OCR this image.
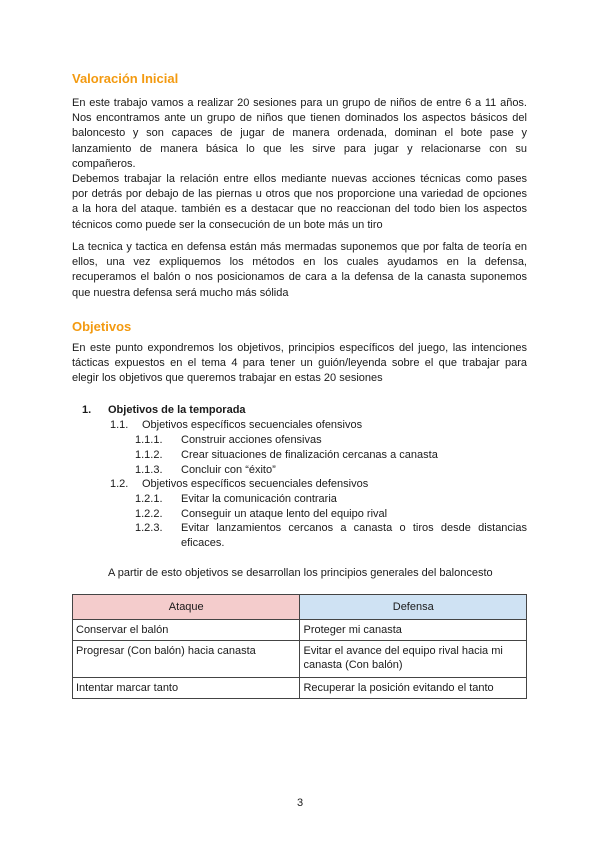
Valoración Inicial
En este trabajo vamos a realizar 20 sesiones para un grupo de niños de entre 6 a 11 años.
Nos encontramos ante un grupo de niños que tienen dominados los aspectos básicos del
baloncesto y son capaces de jugar de manera ordenada, dominan el bote pase y
lanzamiento de manera básica lo que les sirve para jugar y relacionarse con su
compañeros.
Debemos trabajar la relación entre ellos mediante nuevas acciones técnicas como pases
por detrás por debajo de las piernas u otros que nos proporcione una variedad de opciones
a la hora del ataque. también es a destacar que no reaccionan del todo bien los aspectos
técnicos como puede ser la consecución de un bote más un tiro
La tecnica y tactica en defensa están más mermadas suponemos que por falta de teoría en
ellos, una vez expliquemos los métodos en los cuales ayudamos en la defensa,
recuperamos el balón o nos posicionamos de cara a la defensa de la canasta suponemos
que nuestra defensa será mucho más sólida
Objetivos
En este punto expondremos los objetivos, principios específicos del juego, las intenciones
tácticas expuestos en el tema 4 para tener un guión/leyenda sobre el que trabajar para
elegir los objetivos que queremos trabajar en estas 20 sesiones
1. Objetivos de la temporada
1.1. Objetivos específicos secuenciales ofensivos
1.1.1. Construir acciones ofensivas
1.1.2. Crear situaciones de finalización cercanas a canasta
1.1.3. Concluir con “éxito”
1.2. Objetivos específicos secuenciales defensivos
1.2.1. Evitar la comunicación contraria
1.2.2. Conseguir un ataque lento del equipo rival
1.2.3. Evitar lanzamientos cercanos a canasta o tiros desde distancias
eficaces.
A partir de esto objetivos se desarrollan los principios generales del baloncesto
Ataque	Defensa
Conservar el balón	Proteger mi canasta
Progresar (Con balón) hacia canasta	Evitar el avance del equipo rival hacia mi canasta (Con balón)
Intentar marcar tanto	Recuperar la posición evitando el tanto
3
